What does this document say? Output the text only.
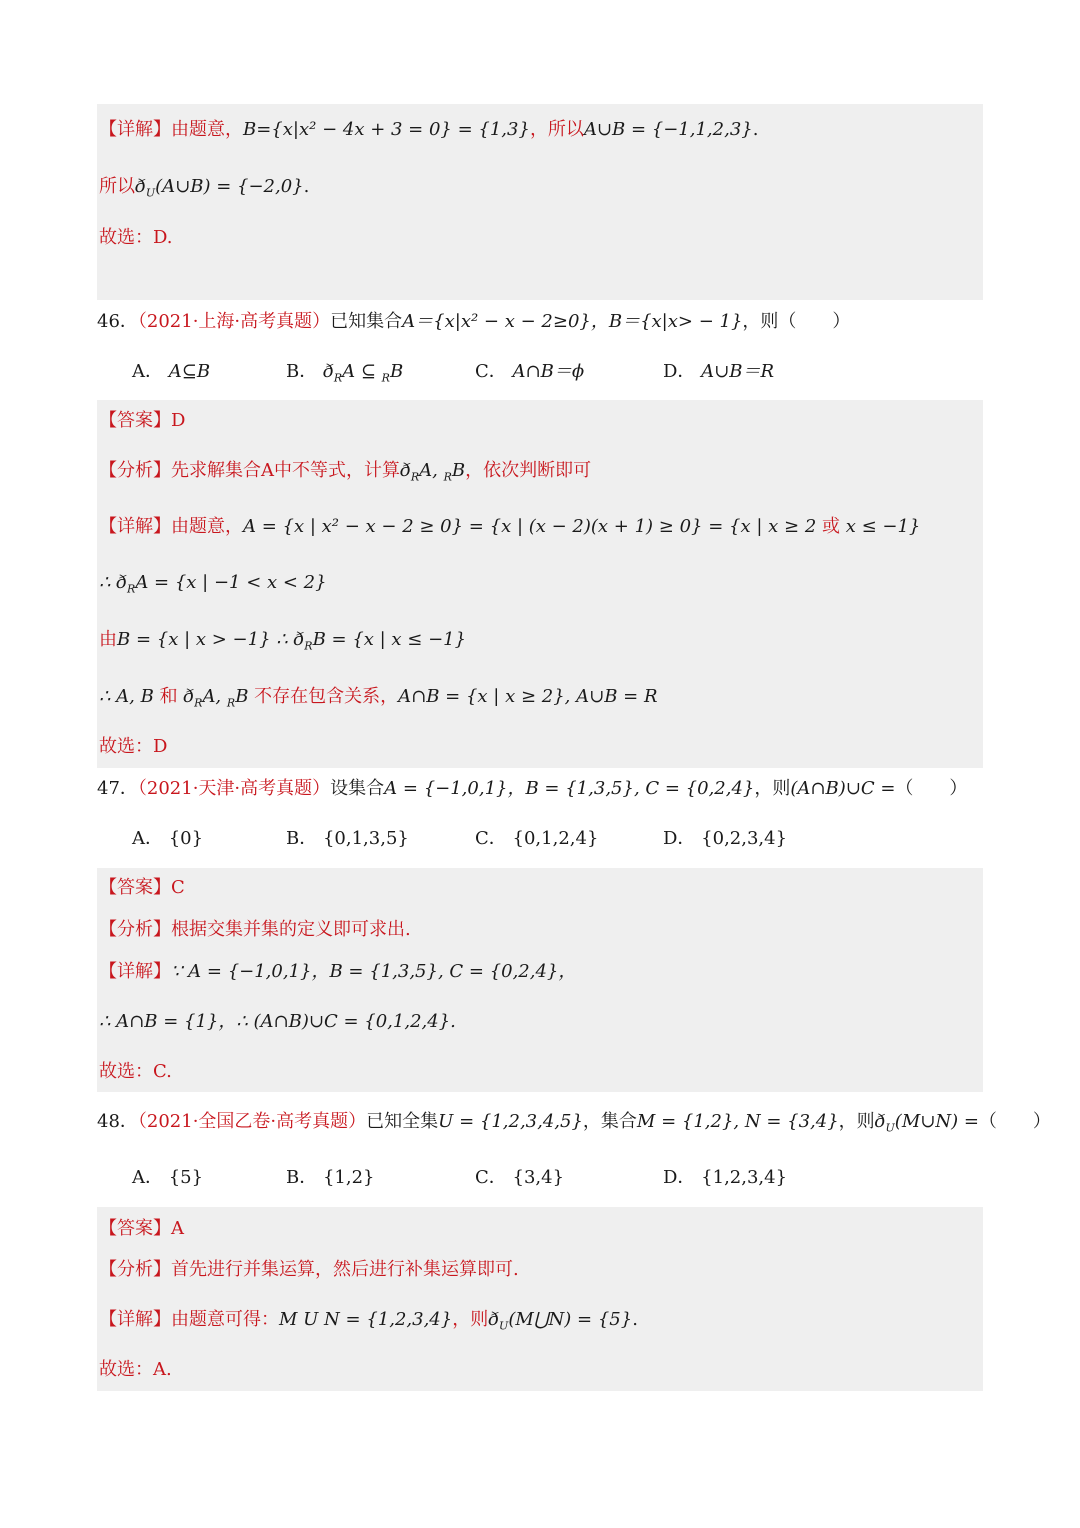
【详解】由题意，B={x|x² − 4x + 3 = 0} = {1,3}，所以A∪B = {−1,1,2,3}.
所以$ð_U(A\cup B) = \{-2,0\}$.
故选：D.
46．（2021·上海·高考真题）已知集合A＝{x|x² − x − 2≥0}，B＝{x|x> − 1}，则（　　）
A． A⊆B	B． $ð_RA$ ⊆ $_R$B	C． A∩B＝ϕ	D． A∪B＝R
【答案】D
【分析】先求解集合A中不等式，计算$ð_RA$, $_R$B，依次判断即可
【详解】由题意，A = {x | x² − x − 2 ≥ 0} = {x | (x − 2)(x + 1) ≥ 0} = {x | x ≥ 2 或 x ≤ −1}
∴ $ð_RA = \{x$ | −1 < x < 2}
由B = {x | x > −1} ∴ $ð_RB = \{x$ | x ≤ −1}
∴ A, B 和 $ð_RA$, $_R$B 不存在包含关系，A∩B = {x | x ≥ 2}, A∪B = R
故选：D
47．（2021·天津·高考真题）设集合A = {−1,0,1}，B = {1,3,5}, C = {0,2,4}，则(A∩B)∪C =（　　）
A． {0}	B． {0,1,3,5}	C． {0,1,2,4}	D． {0,2,3,4}
【答案】C
【分析】根据交集并集的定义即可求出.
【详解】∵ A = {−1,0,1}，B = {1,3,5}, C = {0,2,4}，
∴ A∩B = {1}，∴ (A∩B)∪C = {0,1,2,4}.
故选：C.
48．（2021·全国乙卷·高考真题）已知全集U = {1,2,3,4,5}，集合M = {1,2}, N = {3,4}，则$ð_U(M\cup N)$ =（　　）
A． {5}	B． {1,2}	C． {3,4}	D． {1,2,3,4}
【答案】A
【分析】首先进行并集运算，然后进行补集运算即可.
【详解】由题意可得：M U N = {1,2,3,4}，则$ð_U(M⋃N) = \{5\}$.
故选：A.
